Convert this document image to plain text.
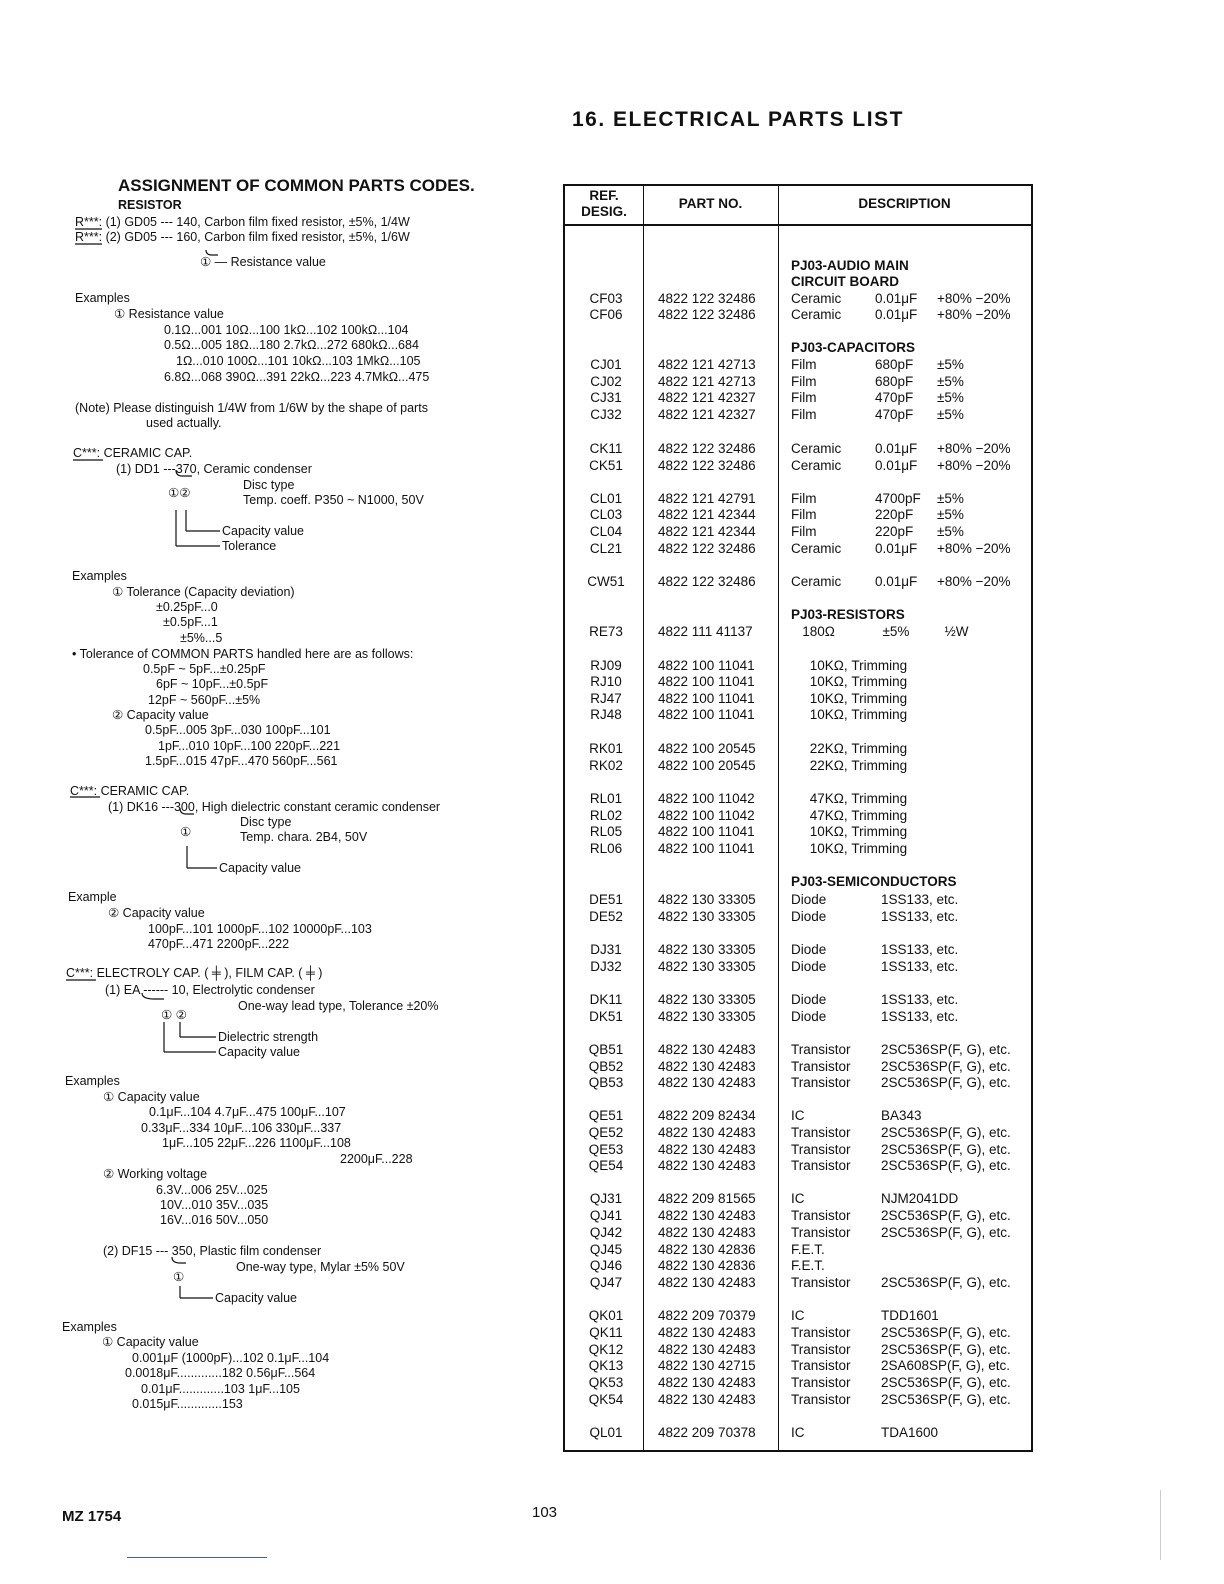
16. ELECTRICAL PARTS LIST
ASSIGNMENT OF COMMON PARTS CODES.
RESISTOR
R***: (1) GD05 --- 140, Carbon film fixed resistor, ±5%, 1/4W
R***: (2) GD05 --- 160, Carbon film fixed resistor, ±5%, 1/6W
① — Resistance value
Examples
① Resistance value
0.1Ω...001 10Ω...100 1kΩ...102 100kΩ...104
0.5Ω...005 18Ω...180 2.7kΩ...272 680kΩ...684
1Ω...010 100Ω...101 10kΩ...103 1MkΩ...105
6.8Ω...068 390Ω...391 22kΩ...223 4.7MkΩ...475
(Note) Please distinguish 1/4W from 1/6W by the shape of parts
used actually.
C***: CERAMIC CAP.
(1) DD1 ---370, Ceramic condenser
Disc type
①②	Temp. coeff. P350 ~ N1000, 50V
Capacity value
Tolerance
Examples
① Tolerance (Capacity deviation)
±0.25pF...0
±0.5pF...1
±5%...5
• Tolerance of COMMON PARTS handled here are as follows:
0.5pF ~ 5pF...±0.25pF
6pF ~ 10pF...±0.5pF
12pF ~ 560pF...±5%
② Capacity value
0.5pF...005 3pF...030 100pF...101
1pF...010 10pF...100 220pF...221
1.5pF...015 47pF...470 560pF...561
C***: CERAMIC CAP.
(1) DK16 ---300, High dielectric constant ceramic condenser
Disc type
①	Temp. chara. 2B4, 50V
Capacity value
Example
② Capacity value
100pF...101 1000pF...102 10000pF...103
470pF...471 2200pF...222
C***: ELECTROLY CAP. ( ╪ ), FILM CAP. ( ╪ )
(1) EA ------ 10, Electrolytic condenser
One-way lead type, Tolerance ±20%
① ②
Dielectric strength
Capacity value
Examples
① Capacity value
0.1μF...104 4.7μF...475 100μF...107
0.33μF...334 10μF...106 330μF...337
1μF...105 22μF...226 1100μF...108
2200μF...228
② Working voltage
6.3V...006 25V...025
10V...010 35V...035
16V...016 50V...050
(2) DF15 --- 350, Plastic film condenser
One-way type, Mylar ±5% 50V
①
Capacity value
Examples
① Capacity value
0.001μF (1000pF)...102 0.1μF...104
0.0018μF.............182 0.56μF...564
0.01μF.............103 1μF...105
0.015μF.............153
REF.
DESIG.
PART NO.	DESCRIPTION
PJ03-AUDIO MAIN
CIRCUIT BOARD
PJ03-CAPACITORS
PJ03-RESISTORS
PJ03-SEMICONDUCTORS
CF03	4822 122 32486	Ceramic 0.01μF +80% −20%
CF06	4822 122 32486	Ceramic 0.01μF +80% −20%
CJ01	4822 121 42713	Film	680pF ±5%
CJ02	4822 121 42713	Film	680pF ±5%
CJ31	4822 121 42327	Film	470pF ±5%
CJ32	4822 121 42327	Film	470pF ±5%
CK11	4822 122 32486	Ceramic 0.01μF +80% −20%
CK51	4822 122 32486	Ceramic 0.01μF +80% −20%
CL01	4822 121 42791	Film	4700pF ±5%
CL03	4822 121 42344	Film	220pF ±5%
CL04	4822 121 42344	Film	220pF ±5%
CL21	4822 122 32486	Ceramic 0.01μF +80% −20%
CW51	4822 122 32486	Ceramic 0.01μF +80% −20%
RE73	4822 111 41137	180Ω	±5% ½W
RJ09	4822 100 11041	10KΩ, Trimming
RJ10	4822 100 11041	10KΩ, Trimming
RJ47	4822 100 11041	10KΩ, Trimming
RJ48	4822 100 11041	10KΩ, Trimming
RK01	4822 100 20545	22KΩ, Trimming
RK02	4822 100 20545	22KΩ, Trimming
RL01	4822 100 11042	47KΩ, Trimming
RL02	4822 100 11042	47KΩ, Trimming
RL05	4822 100 11041	10KΩ, Trimming
RL06	4822 100 11041	10KΩ, Trimming
DE51	4822 130 33305	Diode	1SS133, etc.
DE52	4822 130 33305	Diode	1SS133, etc.
DJ31	4822 130 33305	Diode	1SS133, etc.
DJ32	4822 130 33305	Diode	1SS133, etc.
DK11	4822 130 33305	Diode	1SS133, etc.
DK51	4822 130 33305	Diode	1SS133, etc.
QB51	4822 130 42483	Transistor 2SC536SP(F, G), etc.
QB52	4822 130 42483	Transistor 2SC536SP(F, G), etc.
QB53	4822 130 42483	Transistor 2SC536SP(F, G), etc.
QE51	4822 209 82434	IC	BA343
QE52	4822 130 42483	Transistor 2SC536SP(F, G), etc.
QE53	4822 130 42483	Transistor 2SC536SP(F, G), etc.
QE54	4822 130 42483	Transistor 2SC536SP(F, G), etc.
QJ31	4822 209 81565	IC	NJM2041DD
QJ41	4822 130 42483	Transistor 2SC536SP(F, G), etc.
QJ42	4822 130 42483	Transistor 2SC536SP(F, G), etc.
QJ45	4822 130 42836	F.E.T.
QJ46	4822 130 42836	F.E.T.
QJ47	4822 130 42483	Transistor 2SC536SP(F, G), etc.
QK01	4822 209 70379	IC	TDD1601
QK11	4822 130 42483	Transistor 2SC536SP(F, G), etc.
QK12	4822 130 42483	Transistor 2SC536SP(F, G), etc.
QK13	4822 130 42715	Transistor 2SA608SP(F, G), etc.
QK53	4822 130 42483	Transistor 2SC536SP(F, G), etc.
QK54	4822 130 42483	Transistor 2SC536SP(F, G), etc.
QL01	4822 209 70378	IC	TDA1600
MZ 1754	103
